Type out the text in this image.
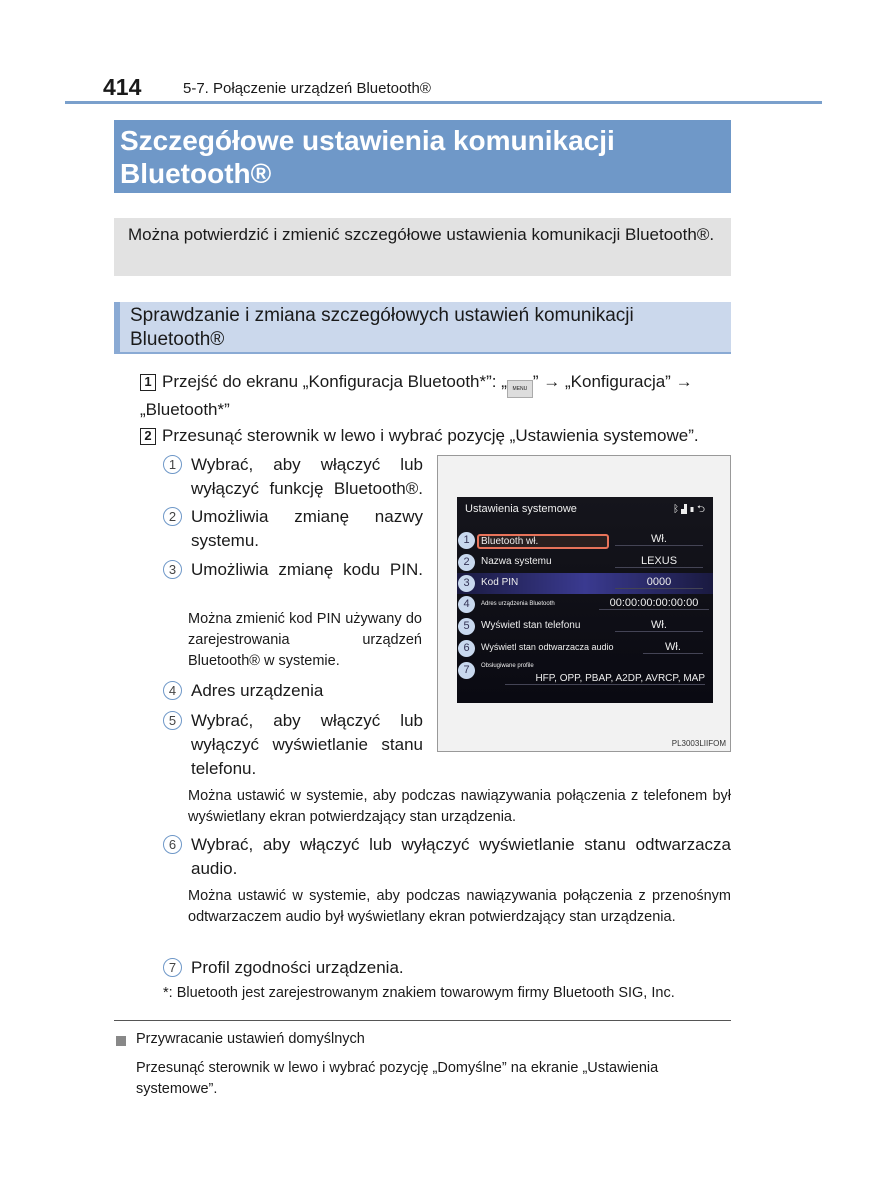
414	5-7. Połączenie urządzeń Bluetooth®
Szczegółowe ustawienia komunikacji Bluetooth®
Można potwierdzić i zmienić szczegółowe ustawienia komunikacji Bluetooth®.
Sprawdzanie i zmiana szczegółowych ustawień komunikacji Bluetooth®
1 Przejść do ekranu „Konfiguracja Bluetooth*”: „ MENU ” → „Konfiguracja” → „Bluetooth*”
2 Przesunąć sterownik w lewo i wybrać pozycję „Ustawienia systemowe”.
1 Wybrać, aby włączyć lub wyłączyć funkcję Bluetooth®.
2 Umożliwia zmianę nazwy systemu.
3 Umożliwia zmianę kodu PIN.
Można zmienić kod PIN używany do zarejestrowania urządzeń Bluetooth® w systemie.
4 Adres urządzenia
5 Wybrać, aby włączyć lub wyłączyć wyświetlanie stanu telefonu.
Można ustawić w systemie, aby podczas nawiązywania połączenia z telefonem był wyświetlany ekran potwierdzający stan urządzenia.
6 Wybrać, aby włączyć lub wyłączyć wyświetlanie stanu odtwarzacza audio.
Można ustawić w systemie, aby podczas nawiązywania połączenia z przenośnym odtwarzaczem audio był wyświetlany ekran potwierdzający stan urządzenia.
7 Profil zgodności urządzenia.
Ustawienia systemowe	ᛒ▟▮⮌
1	Bluetooth wł.	Wł.
2	Nazwa systemu	LEXUS
3	Kod PIN	0000
4	Adres urządzenia Bluetooth	00:00:00:00:00:00
5	Wyświetl stan telefonu	Wł.
6	Wyświetl stan odtwarzacza audio	Wł.
7	Obsługiwane profile
HFP, OPP, PBAP, A2DP, AVRCP, MAP
PL3003LIIFOM
*: Bluetooth jest zarejestrowanym znakiem towarowym firmy Bluetooth SIG, Inc.
Przywracanie ustawień domyślnych
Przesunąć sterownik w lewo i wybrać pozycję „Domyślne” na ekranie „Ustawienia systemowe”.
